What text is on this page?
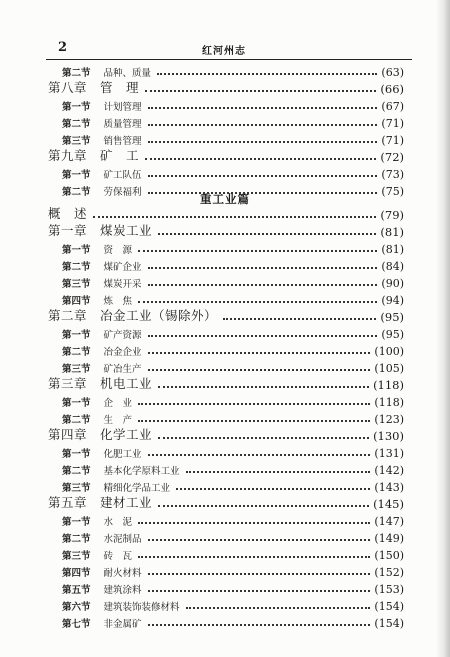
2	红河州志
重工业篇
第二节 品种、质量	(63)
第八章　管　理	(66)
第一节 计划管理	(67)
第二节 质量管理	(71)
第三节 销售管理	(71)
第九章　矿　工	(72)
第一节 矿工队伍	(73)
第二节 劳保福利	(75)
概　述	(79)
第一章　煤炭工业	(81)
第一节 资　源	(81)
第二节 煤矿企业	(84)
第三节 煤炭开采	(90)
第四节 炼　焦	(94)
第二章　冶金工业（锡除外）	(95)
第一节 矿产资源	(95)
第二节 冶金企业	(100)
第三节 矿冶生产	(105)
第三章　机电工业	(118)
第一节 企　业	(118)
第二节 生　产	(123)
第四章　化学工业	(130)
第一节 化肥工业	(131)
第二节 基本化学原料工业	(142)
第三节 精细化学品工业	(143)
第五章　建材工业	(145)
第一节 水　泥	(147)
第二节 水泥制品	(149)
第三节 砖　瓦	(150)
第四节 耐火材料	(152)
第五节 建筑涂料	(153)
第六节 建筑装饰装修材料	(154)
第七节 非金属矿	(154)
